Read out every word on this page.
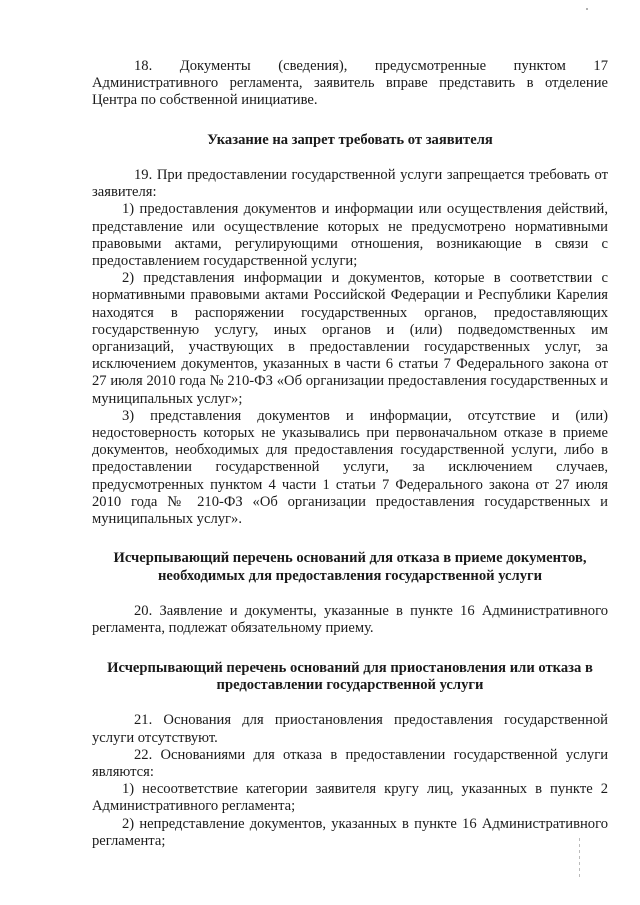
18. Документы (сведения), предусмотренные пунктом 17 Административного регламента, заявитель вправе представить в отделение Центра по собственной инициативе.

Указание на запрет требовать от заявителя

19. При предоставлении государственной услуги запрещается требовать от заявителя:

1) предоставления документов и информации или осуществления действий, представление или осуществление которых не предусмотрено нормативными правовыми актами, регулирующими отношения, возникающие в связи с предоставлением государственной услуги;

2) представления информации и документов, которые в соответствии с нормативными правовыми актами Российской Федерации и Республики Карелия находятся в распоряжении государственных органов, предоставляющих государственную услугу, иных органов и (или) подведомственных им организаций, участвующих в предоставлении государственных услуг, за исключением документов, указанных в части 6 статьи 7 Федерального закона от 27 июля 2010 года № 210-ФЗ «Об организации предоставления государственных и муниципальных услуг»;

3) представления документов и информации, отсутствие и (или) недостоверность которых не указывались при первоначальном отказе в приеме документов, необходимых для предоставления государственной услуги, либо в предоставлении государственной услуги, за исключением случаев, предусмотренных пунктом 4 части 1 статьи 7 Федерального закона от 27 июля 2010 года № 210-ФЗ «Об организации предоставления государственных и муниципальных услуг».

Исчерпывающий перечень оснований для отказа в приеме документов, необходимых для предоставления государственной услуги

20. Заявление и документы, указанные в пункте 16 Административного регламента, подлежат обязательному приему.

Исчерпывающий перечень оснований для приостановления или отказа в предоставлении государственной услуги

21. Основания для приостановления предоставления государственной услуги отсутствуют.

22. Основаниями для отказа в предоставлении государственной услуги являются:

1) несоответствие категории заявителя кругу лиц, указанных в пункте 2 Административного регламента;

2) непредставление документов, указанных в пункте 16 Административного регламента;
